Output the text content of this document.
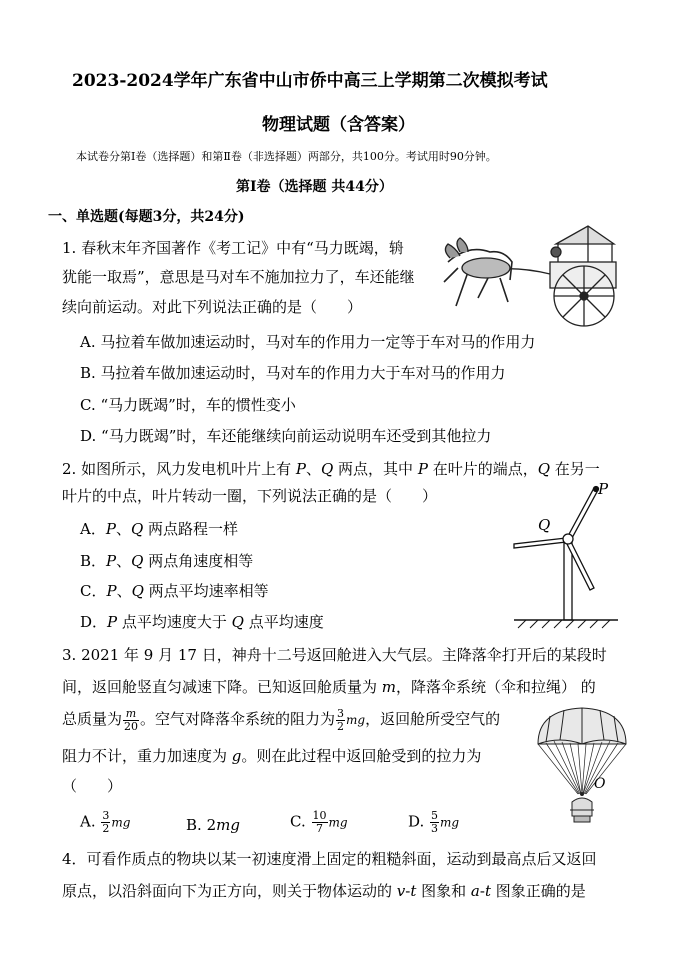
2023-2024学年广东省中山市侨中高三上学期第二次模拟考试
物理试题（含答案）
本试卷分第Ⅰ卷（选择题）和第Ⅱ卷（非选择题）两部分，共100分。考试用时90分钟。
第Ⅰ卷（选择题 共44分）
一、单选题(每题3分，共24分)
1. 春秋末年齐国著作《考工记》中有“马力既竭，辀
犹能一取焉”，意思是马对车不施加拉力了，车还能继
续向前运动。对此下列说法正确的是（　　）
A. 马拉着车做加速运动时，马对车的作用力一定等于车对马的作用力
B. 马拉着车做加速运动时，马对车的作用力大于车对马的作用力
C. “马力既竭”时，车的惯性变小
D. “马力既竭”时，车还能继续向前运动说明车还受到其他拉力
2. 如图所示，风力发电机叶片上有 P、Q 两点，其中 P 在叶片的端点，Q 在另一
叶片的中点，叶片转动一圈，下列说法正确的是（　　）
A．P、Q 两点路程一样
B．P、Q 两点角速度相等
C．P、Q 两点平均速率相等
D．P 点平均速度大于 Q 点平均速度
P
Q
3. 2021 年 9 月 17 日，神舟十二号返回舱进入大气层。主降落伞打开后的某段时
间，返回舱竖直匀减速下降。已知返回舱质量为 m，降落伞系统（伞和拉绳） 的
总质量为 $\frac{m}{20}$ 。空气对降落伞系统的阻力为 $\frac{3}{2}$ mg，返回舱所受空气的
阻力不计，重力加速度为 g。则在此过程中返回舱受到的拉力为
（　　）
A. $\frac{3}{2}$ mg	B. 2mg	C. $\frac{10}{7}$ mg	D. $\frac{5}{3}$ mg
O
4．可看作质点的物块以某一初速度滑上固定的粗糙斜面，运动到最高点后又返回
原点，以沿斜面向下为正方向，则关于物体运动的 v-t 图象和 a-t 图象正确的是
